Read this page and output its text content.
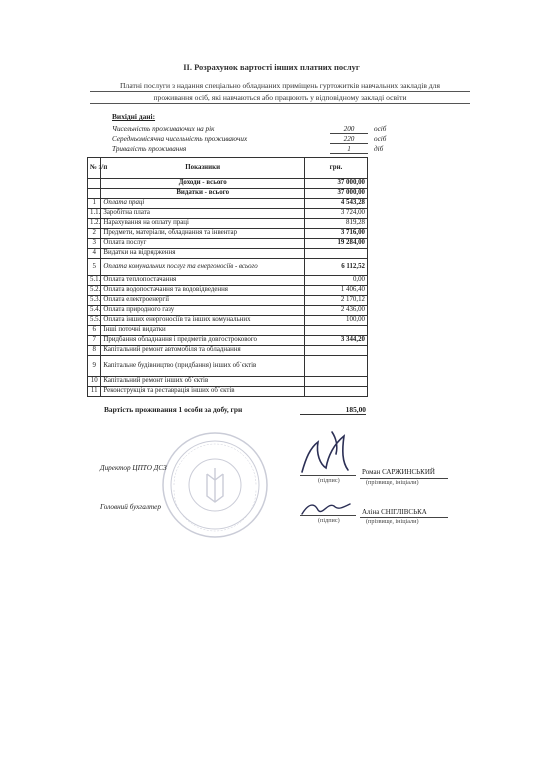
ІІ. Розрахунок вартості інших платних послуг
Платні послуги з надання спеціально обладнаних приміщень гуртожитків навчальних закладів для
проживання осіб, які навчаються або працюють у відповідному закладі освіти
Вихідні дані:
Чисельність проживаючих на рік	200	осіб
Середньомісячна чисельність проживаючих	220	осіб
Тривалість проживання	1	діб
№ з/п	Показники	грн.
	Доходи - всього	37 000,00
	Видатки - всього	37 000,00
1	Оплата праці	4 543,28
1.1.	Заробітна плата	3 724,00
1.2.	Нарахування на оплату праці	819,28
2	Предмети, матеріали, обладнання та інвентар	3 716,00
3	Оплата послуг	19 284,00
4	Видатки на відрядження	
5	Оплата комунальних послуг та енергоносіїв - всього	6 112,52
5.1.	Оплата теплопостачання	0,00
5.2.	Оплата водопостачання та водовідведення	1 406,40
5.3.	Оплата електроенергії	2 170,12
5.4.	Оплата природного газу	2 436,00
5.5.	Оплата інших енергоносіїв та інших комунальних	100,00
6	Інші поточні видатки	
7	Придбання обладнання і предметів довгострокового	3 344,20
8	Капітальний ремонт автомобіля та обладнання	
9	Капітальне будівництво (придбання) інших об`єктів	
10	Капітальний ремонт інших об`єктів	
11	Реконструкція та реставрація інших об`єктів	
Вартість проживання 1 особи за добу, грн	185,00
Директор ЦПТО ДСЗ
(підпис)
Роман САРЖИНСЬКИЙ
(прізвище, ініціали)
Головний бухгалтер
(підпис)
Аліна СНІГЛІВСЬКА
(прізвище, ініціали)
